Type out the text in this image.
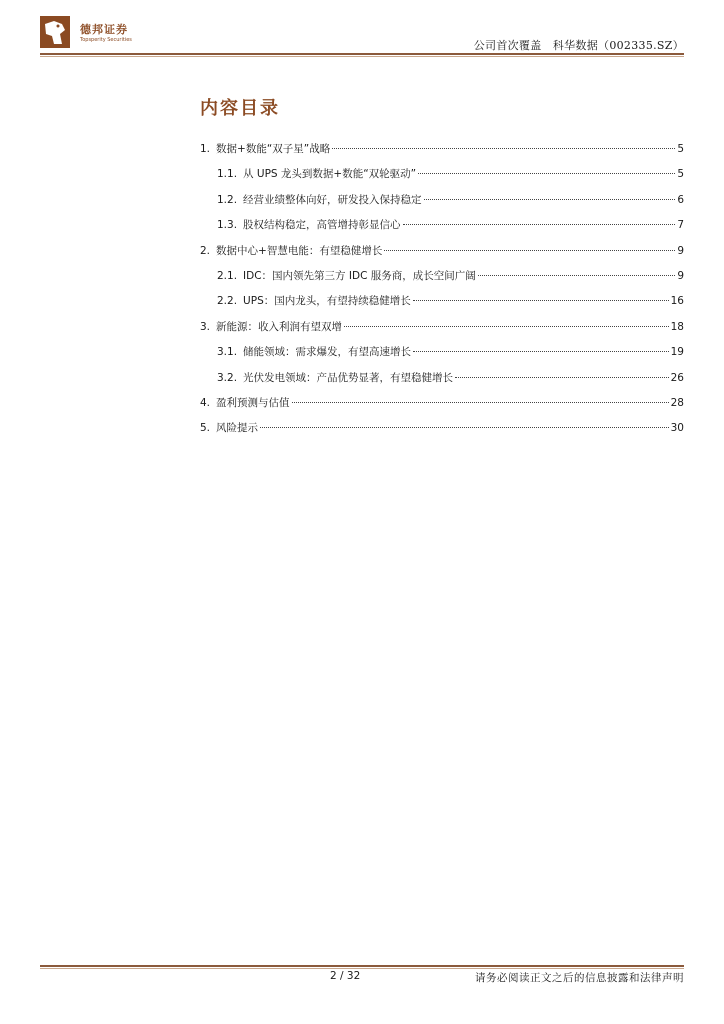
德邦证券
Topsperity Securities	公司首次覆盖　科华数据（002335.SZ）
内容目录
1. 数据+数能“双子星”战略	5
1.1. 从 UPS 龙头到数据+数能“双轮驱动”	5
1.2. 经营业绩整体向好，研发投入保持稳定	6
1.3. 股权结构稳定，高管增持彰显信心	7
2. 数据中心+智慧电能：有望稳健增长	9
2.1. IDC：国内领先第三方 IDC 服务商，成长空间广阔	9
2.2. UPS：国内龙头，有望持续稳健增长	16
3. 新能源：收入利润有望双增	18
3.1. 储能领域：需求爆发，有望高速增长	19
3.2. 光伏发电领域：产品优势显著，有望稳健增长	26
4. 盈利预测与估值	28
5. 风险提示	30
2 / 32	请务必阅读正文之后的信息披露和法律声明
